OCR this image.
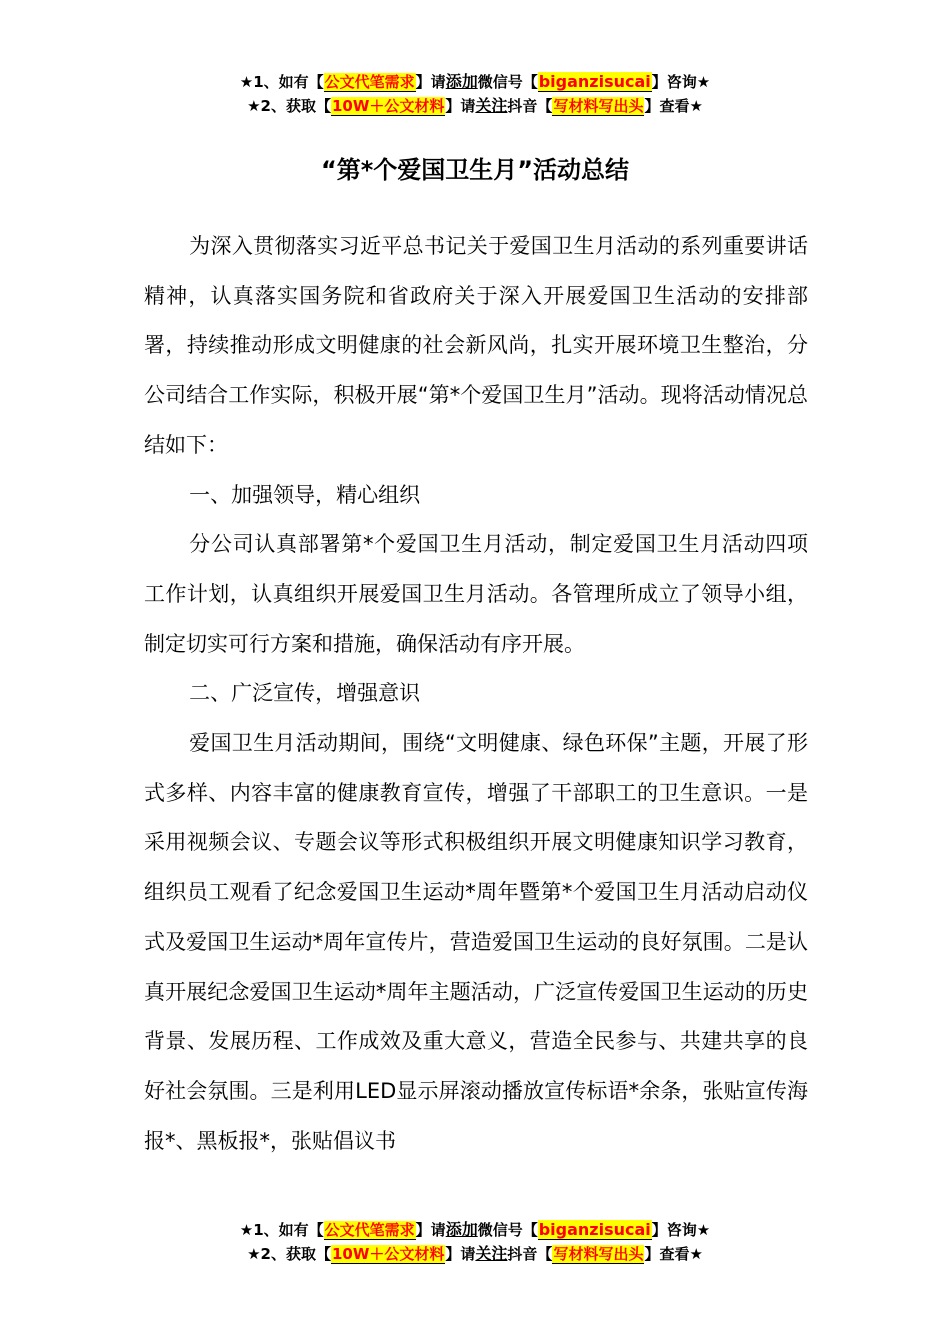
★1、如有【公文代笔需求】请添加微信号【biganzisucai】咨询★
★2、获取【10W＋公文材料】请关注抖音【写材料写出头】查看★
“第*个爱国卫生月”活动总结

为深入贯彻落实习近平总书记关于爱国卫生月活动的系列重要讲话精神，认真落实国务院和省政府关于深入开展爱国卫生活动的安排部署，持续推动形成文明健康的社会新风尚，扎实开展环境卫生整治，分公司结合工作实际，积极开展“第*个爱国卫生月”活动。现将活动情况总结如下：

一、加强领导，精心组织

分公司认真部署第*个爱国卫生月活动，制定爱国卫生月活动四项工作计划，认真组织开展爱国卫生月活动。各管理所成立了领导小组，制定切实可行方案和措施，确保活动有序开展。

二、广泛宣传，增强意识

爱国卫生月活动期间，围绕“文明健康、绿色环保”主题，开展了形式多样、内容丰富的健康教育宣传，增强了干部职工的卫生意识。一是采用视频会议、专题会议等形式积极组织开展文明健康知识学习教育，组织员工观看了纪念爱国卫生运动*周年暨第*个爱国卫生月活动启动仪式及爱国卫生运动*周年宣传片，营造爱国卫生运动的良好氛围。二是认真开展纪念爱国卫生运动*周年主题活动，广泛宣传爱国卫生运动的历史背景、发展历程、工作成效及重大意义，营造全民参与、共建共享的良好社会氛围。三是利用LED显示屏滚动播放宣传标语*余条，张贴宣传海报*、黑板报*，张贴倡议书

★1、如有【公文代笔需求】请添加微信号【biganzisucai】咨询★
★2、获取【10W＋公文材料】请关注抖音【写材料写出头】查看★
